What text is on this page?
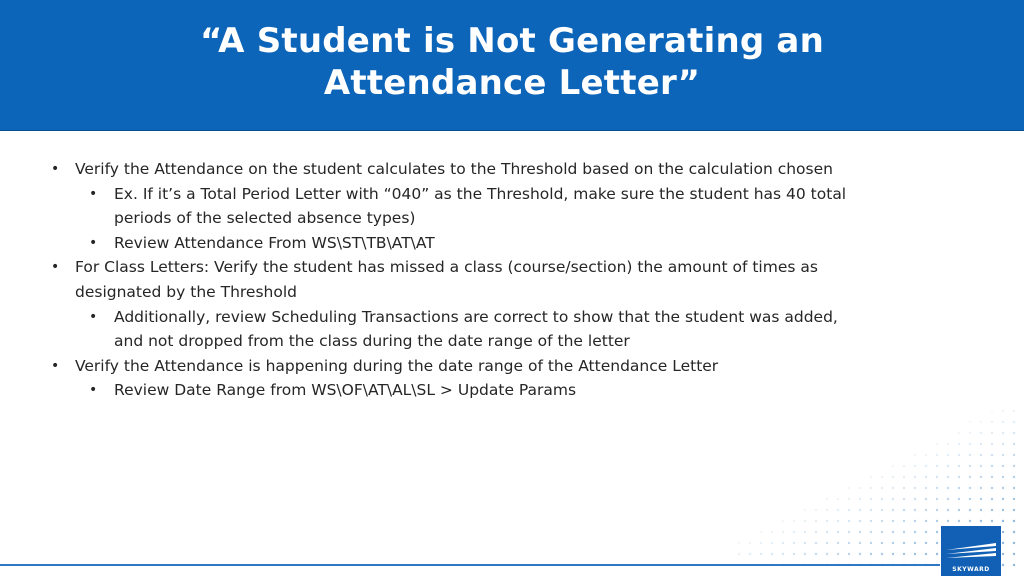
“A Student is Not Generating an
Attendance Letter”
• Verify the Attendance on the student calculates to the Threshold based on the calculation chosen
• Ex. If it’s a Total Period Letter with “040” as the Threshold, make sure the student has 40 total
periods of the selected absence types)
• Review Attendance From WS\ST\TB\AT\AT
• For Class Letters: Verify the student has missed a class (course/section) the amount of times as
designated by the Threshold
• Additionally, review Scheduling Transactions are correct to show that the student was added,
and not dropped from the class during the date range of the letter
• Verify the Attendance is happening during the date range of the Attendance Letter
• Review Date Range from WS\OF\AT\AL\SL > Update Params
SKYWARD
